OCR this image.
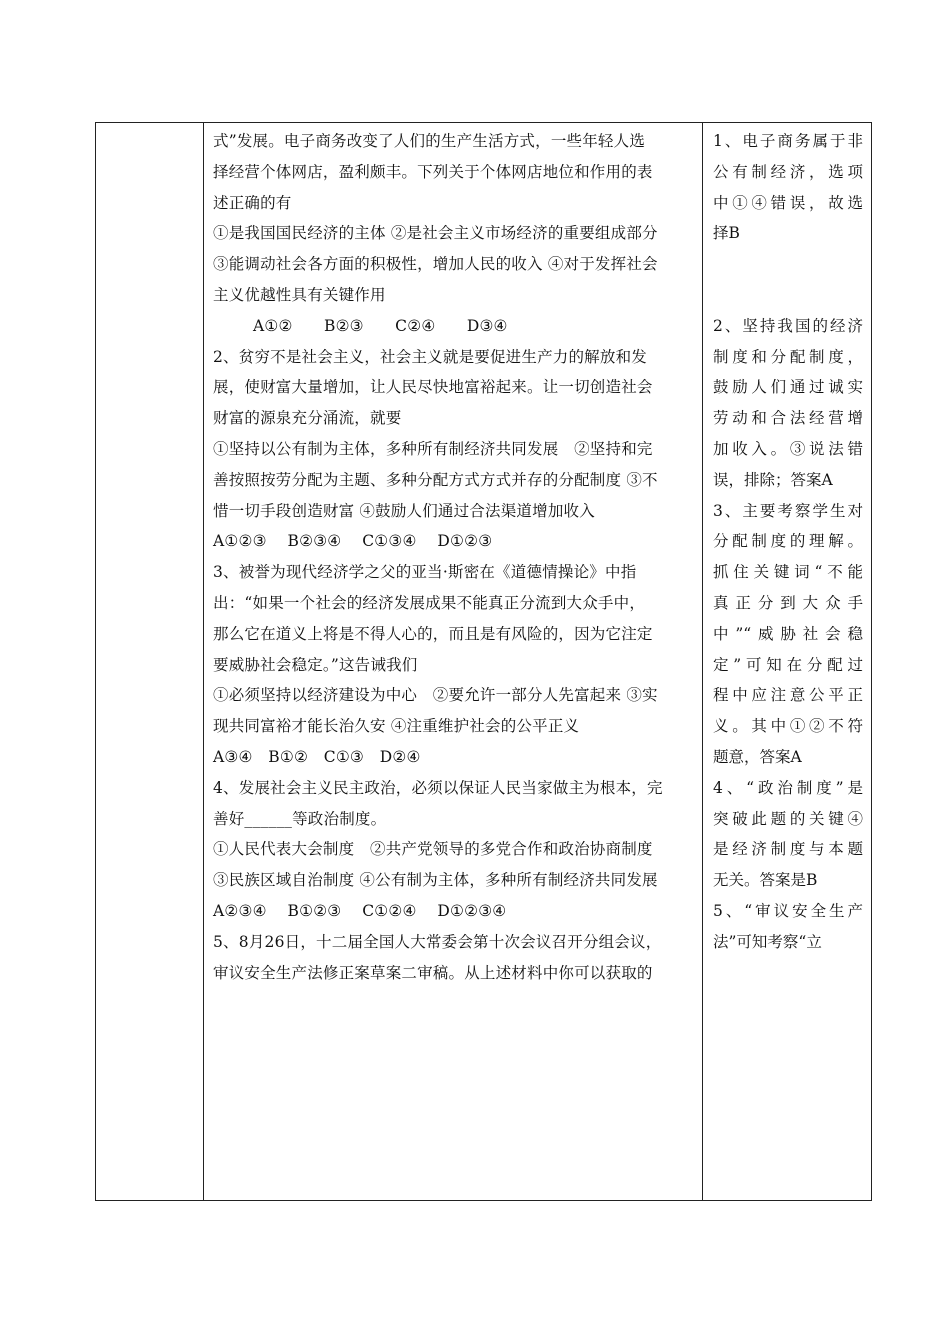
式”发展。电子商务改变了人们的生产生活方式，一些年轻人选
择经营个体网店，盈利颇丰。下列关于个体网店地位和作用的表
述正确的有
①是我国国民经济的主体 ②是社会主义市场经济的重要组成部分
③能调动社会各方面的积极性，增加人民的收入 ④对于发挥社会
主义优越性具有关键作用
A①②　　B②③　　C②④　　D③④
2、贫穷不是社会主义，社会主义就是要促进生产力的解放和发
展，使财富大量增加，让人民尽快地富裕起来。让一切创造社会
财富的源泉充分涌流，就要
①坚持以公有制为主体，多种所有制经济共同发展　②坚持和完
善按照按劳分配为主题、多种分配方式方式并存的分配制度 ③不
惜一切手段创造财富 ④鼓励人们通过合法渠道增加收入
A①②③　 B②③④　 C①③④　 D①②③
3、被誉为现代经济学之父的亚当·斯密在《道德情操论》中指
出：“如果一个社会的经济发展成果不能真正分流到大众手中，
那么它在道义上将是不得人心的，而且是有风险的，因为它注定
要威胁社会稳定。”这告诫我们
①必须坚持以经济建设为中心　②要允许一部分人先富起来 ③实
现共同富裕才能长治久安 ④注重维护社会的公平正义
A③④　B①②　C①③　D②④
4、发展社会主义民主政治，必须以保证人民当家做主为根本，完
善好______等政治制度。
①人民代表大会制度　②共产党领导的多党合作和政治协商制度
③民族区域自治制度 ④公有制为主体，多种所有制经济共同发展
A②③④　 B①②③　 C①②④　 D①②③④
5、8月26日，十二届全国人大常委会第十次会议召开分组会议，
审议安全生产法修正案草案二审稿。从上述材料中你可以获取的

1、电子商务属于非
公有制经济，选项
中①④错误，故选
择B

2、坚持我国的经济
制度和分配制度，
鼓励人们通过诚实
劳动和合法经营增
加收入。③说法错
误，排除；答案A
3、主要考察学生对
分配制度的理解。
抓住关键词“不能
真正分到大众手
中”“威胁社会稳
定”可知在分配过
程中应注意公平正
义。其中①②不符
题意，答案A
4、“政治制度”是
突破此题的关键④
是经济制度与本题
无关。答案是B
5、“审议安全生产
法”可知考察“立
